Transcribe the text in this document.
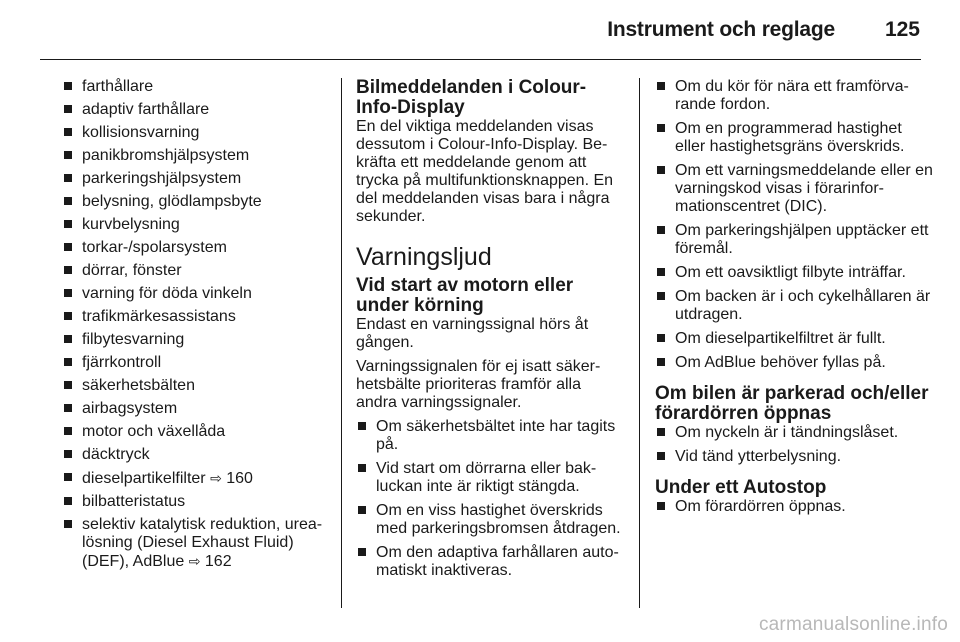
Instrument och reglage 125
farthållare
adaptiv farthållare
kollisionsvarning
panikbromshjälpsystem
parkeringshjälpsystem
belysning, glödlampsbyte
kurvbelysning
torkar-/spolarsystem
dörrar, fönster
varning för döda vinkeln
trafikmärkesassistans
filbytesvarning
fjärrkontroll
säkerhetsbälten
airbagsystem
motor och växellåda
däcktryck
dieselpartikelfilter ⇨ 160
bilbatteristatus
selektiv katalytisk reduktion, urea-lösning (Diesel Exhaust Fluid) (DEF), AdBlue ⇨ 162
Bilmeddelanden i Colour-Info-Display

En del viktiga meddelanden visas dessutom i Colour-Info-Display. Be-kräfta ett meddelande genom att trycka på multifunktionsknappen. En del meddelanden visas bara i några sekunder.

Varningsljud
Vid start av motorn eller under körning

Endast en varningssignal hörs åt gången.

Varningssignalen för ej isatt säker-hetsbälte prioriteras framför alla andra varningssignaler.

Om säkerhetsbältet inte har tagits på.
Vid start om dörrarna eller bak-luckan inte är riktigt stängda.
Om en viss hastighet överskrids med parkeringsbromsen åtdragen.
Om den adaptiva farhållaren auto-matiskt inaktiveras.
Om du kör för nära ett framförva-rande fordon.
Om en programmerad hastighet eller hastighetsgräns överskrids.
Om ett varningsmeddelande eller en varningskod visas i förarinfor-mationscentret (DIC).
Om parkeringshjälpen upptäcker ett föremål.
Om ett oavsiktligt filbyte inträffar.
Om backen är i och cykelhållaren är utdragen.
Om dieselpartikelfiltret är fullt.
Om AdBlue behöver fyllas på.
Om bilen är parkerad och/eller förardörren öppnas
Om nyckeln är i tändningslåset.
Vid tänd ytterbelysning.
Under ett Autostop
Om förardörren öppnas.
carmanualsonline.info
